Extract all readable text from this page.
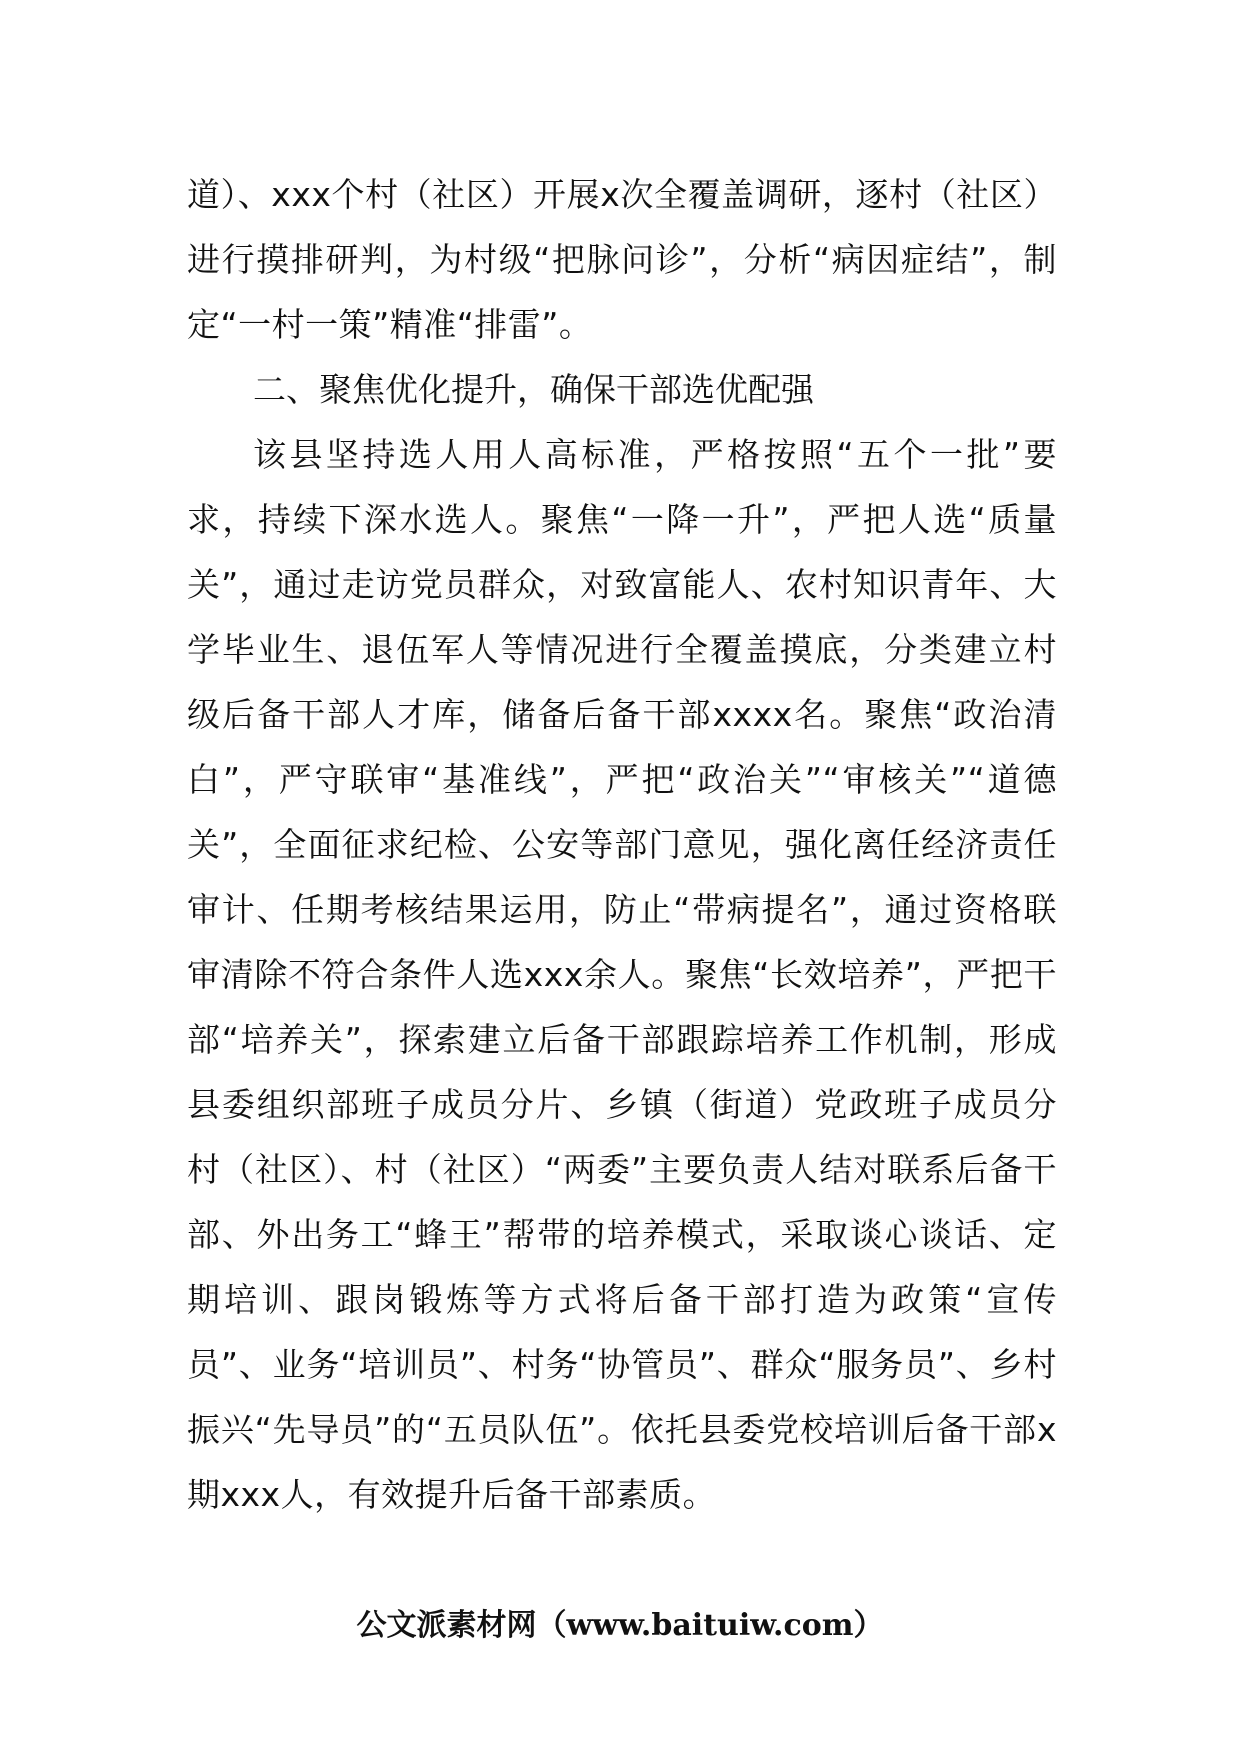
道）、xxx个村（社区）开展x次全覆盖调研，逐村（社区）进行摸排研判，为村级“把脉问诊”，分析“病因症结”，制定“一村一策”精准“排雷”。

二、聚焦优化提升，确保干部选优配强

该县坚持选人用人高标准，严格按照“五个一批”要求，持续下深水选人。聚焦“一降一升”，严把人选“质量关”，通过走访党员群众，对致富能人、农村知识青年、大学毕业生、退伍军人等情况进行全覆盖摸底，分类建立村级后备干部人才库，储备后备干部xxxx名。聚焦“政治清白”，严守联审“基准线”，严把“政治关”“审核关”“道德关”，全面征求纪检、公安等部门意见，强化离任经济责任审计、任期考核结果运用，防止“带病提名”，通过资格联审清除不符合条件人选xxx余人。聚焦“长效培养”，严把干部“培养关”，探索建立后备干部跟踪培养工作机制，形成县委组织部班子成员分片、乡镇（街道）党政班子成员分村（社区）、村（社区）“两委”主要负责人结对联系后备干部、外出务工“蜂王”帮带的培养模式，采取谈心谈话、定期培训、跟岗锻炼等方式将后备干部打造为政策“宣传员”、业务“培训员”、村务“协管员”、群众“服务员”、乡村振兴“先导员”的“五员队伍”。依托县委党校培训后备干部x期xxx人，有效提升后备干部素质。

公文派素材网（www.baituiw.com）
